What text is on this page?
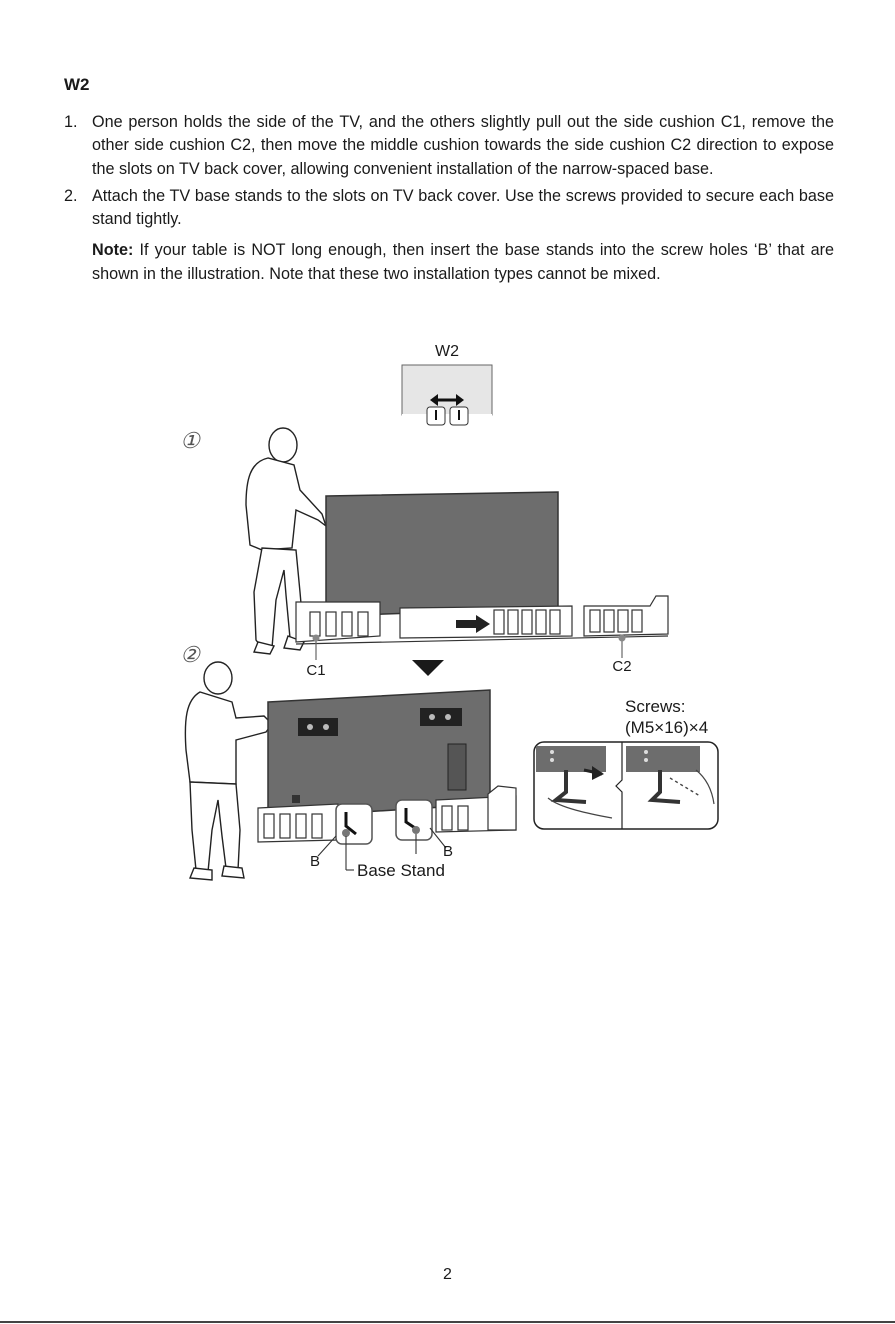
W2
1. One person holds the side of the TV, and the others slightly pull out the side cushion C1, remove the other side cushion C2, then move the middle cushion towards the side cushion C2 direction to expose the slots on TV back cover, allowing convenient installation of the narrow-spaced base.
2. Attach the TV base stands to the slots on TV back cover. Use the screws provided to secure each base stand tightly.
Note: If your table is NOT long enough, then insert the base stands into the screw holes ‘B’ that are shown in the illustration. Note that these two installation types cannot be mixed.
W2
①
②
C1	C2
B
B
Base Stand
Screws:
(M5×16)×4
2
